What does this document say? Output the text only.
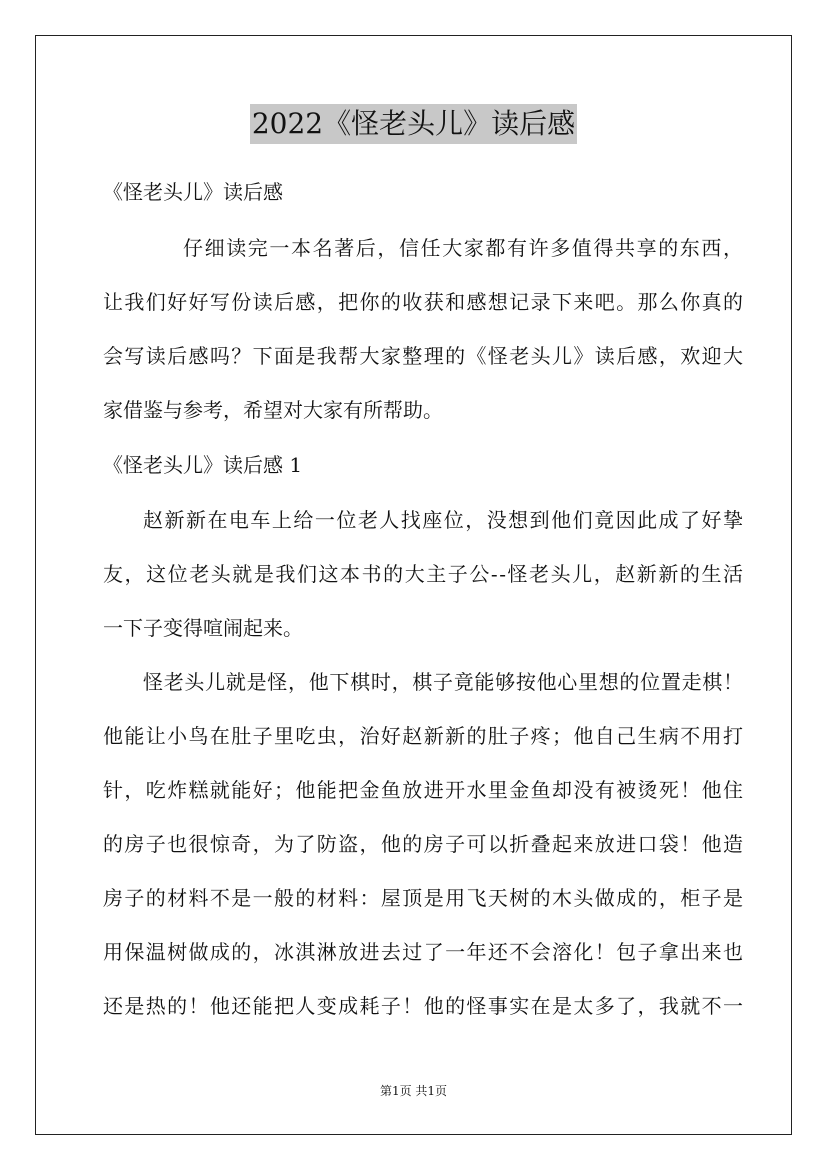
2022《怪老头儿》读后感
《怪老头儿》读后感
仔细读完一本名著后，信任大家都有许多值得共享的东西，
让我们好好写份读后感，把你的收获和感想记录下来吧。那么你真的
会写读后感吗？下面是我帮大家整理的《怪老头儿》读后感，欢迎大
家借鉴与参考，希望对大家有所帮助。
《怪老头儿》读后感 1
赵新新在电车上给一位老人找座位，没想到他们竟因此成了好挚
友，这位老头就是我们这本书的大主子公--怪老头儿，赵新新的生活
一下子变得喧闹起来。
怪老头儿就是怪，他下棋时，棋子竟能够按他心里想的位置走棋！
他能让小鸟在肚子里吃虫，治好赵新新的肚子疼；他自己生病不用打
针，吃炸糕就能好；他能把金鱼放进开水里金鱼却没有被烫死！他住
的房子也很惊奇，为了防盗，他的房子可以折叠起来放进口袋！他造
房子的材料不是一般的材料：屋顶是用飞天树的木头做成的，柜子是
用保温树做成的，冰淇淋放进去过了一年还不会溶化！包子拿出来也
还是热的！他还能把人变成耗子！他的怪事实在是太多了，我就不一
第1页 共1页
